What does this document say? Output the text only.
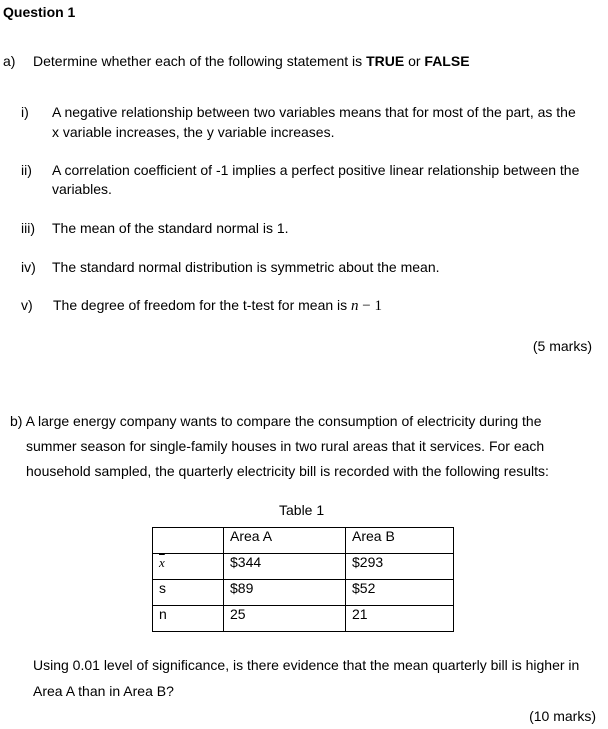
Question 1
a) Determine whether each of the following statement is TRUE or FALSE
i) A negative relationship between two variables means that for most of the part, as the
x variable increases, the y variable increases.
ii) A correlation coefficient of -1 implies a perfect positive linear relationship between the
variables.
iii) The mean of the standard normal is 1.
iv) The standard normal distribution is symmetric about the mean.
v) The degree of freedom for the t-test for mean is n − 1
(5 marks)
b) A large energy company wants to compare the consumption of electricity during the
summer season for single-family houses in two rural areas that it services. For each
household sampled, the quarterly electricity bill is recorded with the following results:
Table 1
	Area A	Area B
$\overline{x}$	$344	$293
s	$89	$52
n	25	21
Using 0.01 level of significance, is there evidence that the mean quarterly bill is higher in
Area A than in Area B?
(10 marks)
